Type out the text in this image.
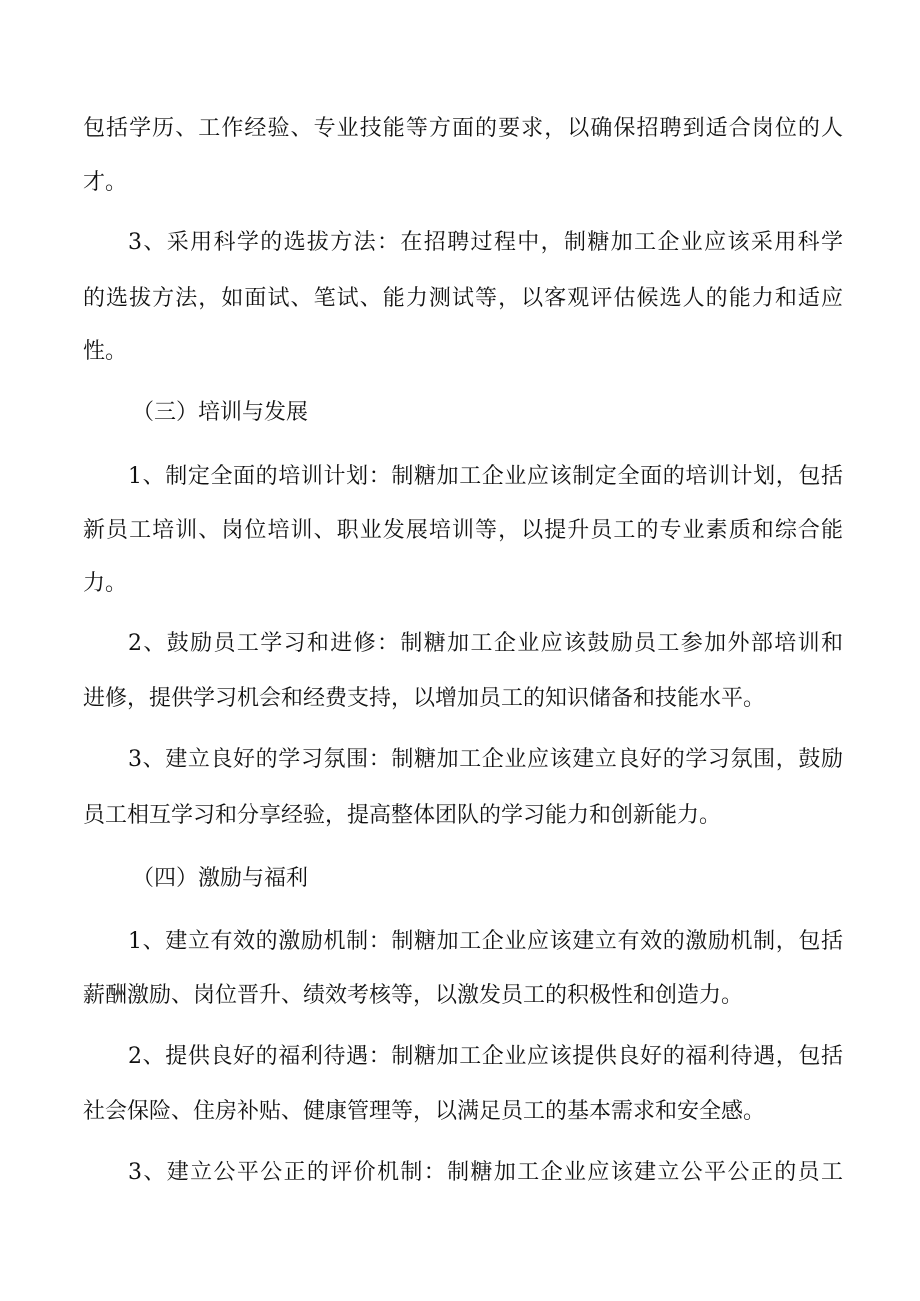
包括学历、工作经验、专业技能等方面的要求，以确保招聘到适合岗位的人
才。
3、采用科学的选拔方法：在招聘过程中，制糖加工企业应该采用科学
的选拔方法，如面试、笔试、能力测试等，以客观评估候选人的能力和适应
性。
（三）培训与发展
1、制定全面的培训计划：制糖加工企业应该制定全面的培训计划，包括
新员工培训、岗位培训、职业发展培训等，以提升员工的专业素质和综合能
力。
2、鼓励员工学习和进修：制糖加工企业应该鼓励员工参加外部培训和
进修，提供学习机会和经费支持，以增加员工的知识储备和技能水平。
3、建立良好的学习氛围：制糖加工企业应该建立良好的学习氛围，鼓励
员工相互学习和分享经验，提高整体团队的学习能力和创新能力。
（四）激励与福利
1、建立有效的激励机制：制糖加工企业应该建立有效的激励机制，包括
薪酬激励、岗位晋升、绩效考核等，以激发员工的积极性和创造力。
2、提供良好的福利待遇：制糖加工企业应该提供良好的福利待遇，包括
社会保险、住房补贴、健康管理等，以满足员工的基本需求和安全感。
3、建立公平公正的评价机制：制糖加工企业应该建立公平公正的员工
